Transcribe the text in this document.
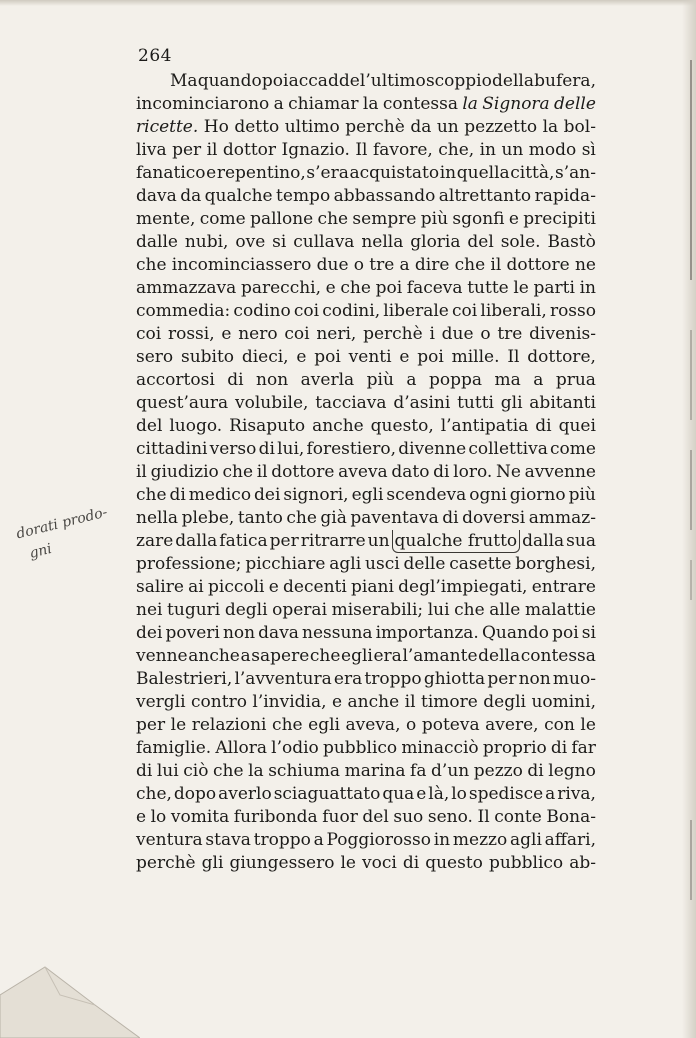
264
Ma quando poi accadde l’ultimo scoppio della bufera,
incominciarono a chiamar la contessa la Signora delle
ricette. Ho detto ultimo perchè da un pezzetto la bol-
liva per il dottor Ignazio. Il favore, che, in un modo sì
fanatico e repentino, s’era acquistato in quella città, s’an-
dava da qualche tempo abbassando altrettanto rapida-
mente, come pallone che sempre più sgonfi e precipiti
dalle nubi, ove si cullava nella gloria del sole. Bastò
che incominciassero due o tre a dire che il dottore ne
ammazzava parecchi, e che poi faceva tutte le parti in
commedia: codino coi codini, liberale coi liberali, rosso
coi rossi, e nero coi neri, perchè i due o tre divenis-
sero subito dieci, e poi venti e poi mille. Il dottore,
accortosi di non averla più a poppa ma a prua
quest’aura volubile, tacciava d’asini tutti gli abitanti
del luogo. Risaputo anche questo, l’antipatia di quei
cittadini verso di lui, forestiero, divenne collettiva come
il giudizio che il dottore aveva dato di loro. Ne avvenne
che di medico dei signori, egli scendeva ogni giorno più
nella plebe, tanto che già paventava di doversi ammaz-
zare dalla fatica per ritrarre un qualche frutto dalla sua
professione; picchiare agli usci delle casette borghesi,
salire ai piccoli e decenti piani degl’impiegati, entrare
nei tuguri degli operai miserabili; lui che alle malattie
dei poveri non dava nessuna importanza. Quando poi si
venne anche a sapere che egli era l’amante della contessa
Balestrieri, l’avventura era troppo ghiotta per non muo-
vergli contro l’invidia, e anche il timore degli uomini,
per le relazioni che egli aveva, o poteva avere, con le
famiglie. Allora l’odio pubblico minacciò proprio di far
di lui ciò che la schiuma marina fa d’un pezzo di legno
che, dopo averlo sciaguattato qua e là, lo spedisce a riva,
e lo vomita furibonda fuor del suo seno. Il conte Bona-
ventura stava troppo a Poggiorosso in mezzo agli affari,
perchè gli giungessero le voci di questo pubblico ab-
dorati prodo-
gni
